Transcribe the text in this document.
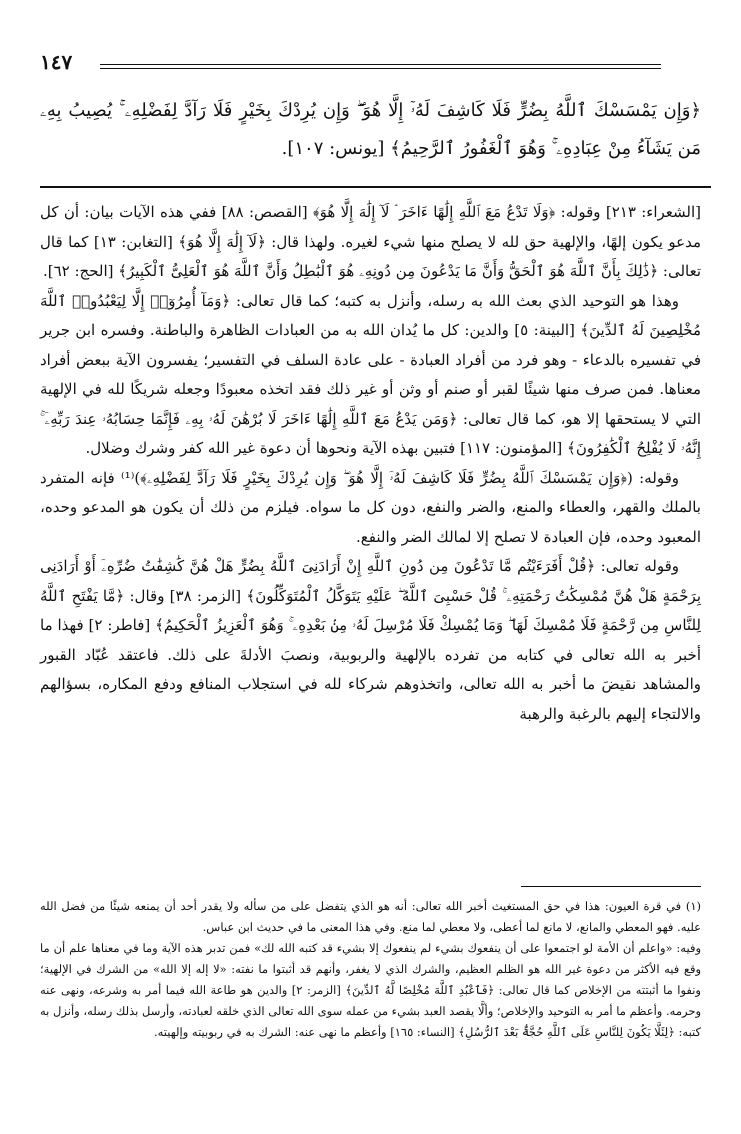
١٤٧
﴿وَإِن يَمْسَسْكَ ٱللَّهُ بِضُرٍّ فَلَا كَاشِفَ لَهُۥٓ إِلَّا هُوَ ۖ وَإِن يُرِدْكَ بِخَيْرٍ فَلَا رَآدَّ لِفَضْلِهِۦ ۚ يُصِيبُ بِهِۦ مَن يَشَآءُ مِنْ عِبَادِهِۦ ۚ وَهُوَ ٱلْغَفُورُ ٱلرَّحِيمُ﴾ [يونس: ١٠٧].

[الشعراء: ٢١٣] وقوله: ﴿وَلَا تَدْعُ مَعَ ٱللَّهِ إِلَٰهًا ءَاخَرَ ۘ لَآ إِلَٰهَ إِلَّا هُوَ﴾ [القصص: ٨٨] ففي هذه الآيات بيان: أن كل مدعو يكون إلهًا، والإلهية حق لله لا يصلح منها شيء لغيره. ولهذا قال: ﴿لَآ إِلَٰهَ إِلَّا هُوَ﴾ [التغابن: ١٣] كما قال تعالى: ﴿ذَٰلِكَ بِأَنَّ ٱللَّهَ هُوَ ٱلْحَقُّ وَأَنَّ مَا يَدْعُونَ مِن دُونِهِۦ هُوَ ٱلْبَٰطِلُ وَأَنَّ ٱللَّهَ هُوَ ٱلْعَلِىُّ ٱلْكَبِيرُ﴾ [الحج: ٦٢].

وهذا هو التوحيد الذي بعث الله به رسله، وأنزل به كتبه؛ كما قال تعالى: ﴿وَمَآ أُمِرُوٓا۟ إِلَّا لِيَعْبُدُوا۟ ٱللَّهَ مُخْلِصِينَ لَهُ ٱلدِّينَ﴾ [البينة: ٥] والدين: كل ما يُدان الله به من العبادات الظاهرة والباطنة. وفسره ابن جرير في تفسيره بالدعاء - وهو فرد من أفراد العبادة - على عادة السلف في التفسير؛ يفسرون الآية ببعض أفراد معناها. فمن صرف منها شيئًا لقبر أو صنم أو وثن أو غير ذلك فقد اتخذه معبودًا وجعله شريكًا لله في الإلهية التي لا يستحقها إلا هو، كما قال تعالى: ﴿وَمَن يَدْعُ مَعَ ٱللَّهِ إِلَٰهًا ءَاخَرَ لَا بُرْهَٰنَ لَهُۥ بِهِۦ فَإِنَّمَا حِسَابُهُۥ عِندَ رَبِّهِۦٓ ۚ إِنَّهُۥ لَا يُفْلِحُ ٱلْكَٰفِرُونَ﴾ [المؤمنون: ١١٧] فتبين بهذه الآية ونحوها أن دعوة غير الله كفر وشرك وضلال.

وقوله: (﴿وَإِن يَمْسَسْكَ ٱللَّهُ بِضُرٍّ فَلَا كَاشِفَ لَهُۥٓ إِلَّا هُوَ ۖ وَإِن يُرِدْكَ بِخَيْرٍ فَلَا رَآدَّ لِفَضْلِهِۦ﴾)⁽¹⁾ فإنه المتفرد بالملك والقهر، والعطاء والمنع، والضر والنفع، دون كل ما سواه. فيلزم من ذلك أن يكون هو المدعو وحده، المعبود وحده، فإن العبادة لا تصلح إلا لمالك الضر والنفع.

وقوله تعالى: ﴿قُلْ أَفَرَءَيْتُم مَّا تَدْعُونَ مِن دُونِ ٱللَّهِ إِنْ أَرَادَنِىَ ٱللَّهُ بِضُرٍّ هَلْ هُنَّ كَٰشِفَٰتُ ضُرِّهِۦٓ أَوْ أَرَادَنِى بِرَحْمَةٍ هَلْ هُنَّ مُمْسِكَٰتُ رَحْمَتِهِۦ ۚ قُلْ حَسْبِىَ ٱللَّهُ ۖ عَلَيْهِ يَتَوَكَّلُ ٱلْمُتَوَكِّلُونَ﴾ [الزمر: ٣٨] وقال: ﴿مَّا يَفْتَحِ ٱللَّهُ لِلنَّاسِ مِن رَّحْمَةٍ فَلَا مُمْسِكَ لَهَا ۖ وَمَا يُمْسِكْ فَلَا مُرْسِلَ لَهُۥ مِنۢ بَعْدِهِۦ ۚ وَهُوَ ٱلْعَزِيزُ ٱلْحَكِيمُ﴾ [فاطر: ٢] فهذا ما أخبر به الله تعالى في كتابه من تفرده بالإلهية والربوبية، ونصبَ الأدلةَ على ذلك. فاعتقد عُبّاد القبور والمشاهد نقيضَ ما أخبر به الله تعالى، واتخذوهم شركاء لله في استجلاب المنافع ودفع المكاره، بسؤالهم والالتجاء إليهم بالرغبة والرهبة

(١) في قرة العيون: هذا في حق المستغيث أخبر الله تعالى: أنه هو الذي يتفضل على من سأله ولا يقدر أحد أن يمنعه شيئًا من فضل الله عليه. فهو المعطي والمانع، لا مانع لما أعطى، ولا معطي لما منع. وفي هذا المعنى ما في حديث ابن عباس.

وفيه: «واعلم أن الأمة لو اجتمعوا على أن ينفعوك بشيء لم ينفعوك إلا بشيء قد كتبه الله لك» فمن تدبر هذه الآية وما في معناها علم أن ما وقع فيه الأكثر من دعوة غير الله هو الظلم العظيم، والشرك الذي لا يغفر، وأنهم قد أثبتوا ما نفته: «لا إله إلا الله» من الشرك في الإلهية؛ ونفوا ما أثبتته من الإخلاص كما قال تعالى: ﴿فَٱعْبُدِ ٱللَّهَ مُخْلِصًا لَّهُ ٱلدِّينَ﴾ [الزمر: ٢] والدين هو طاعة الله فيما أمر به وشرعه، ونهى عنه وحرمه. وأعظم ما أمر به التوحيد والإخلاص؛ وألَّا يقصد العبد بشيء من عمله سوى الله تعالى الذي خلقه لعبادته، وأرسل بذلك رسله، وأنزل به كتبه: ﴿لِئَلَّا يَكُونَ لِلنَّاسِ عَلَى ٱللَّهِ حُجَّةٌۢ بَعْدَ ٱلرُّسُلِ﴾ [النساء: ١٦٥] وأعظم ما نهى عنه: الشرك به في ربوبيته وإلهيته.
